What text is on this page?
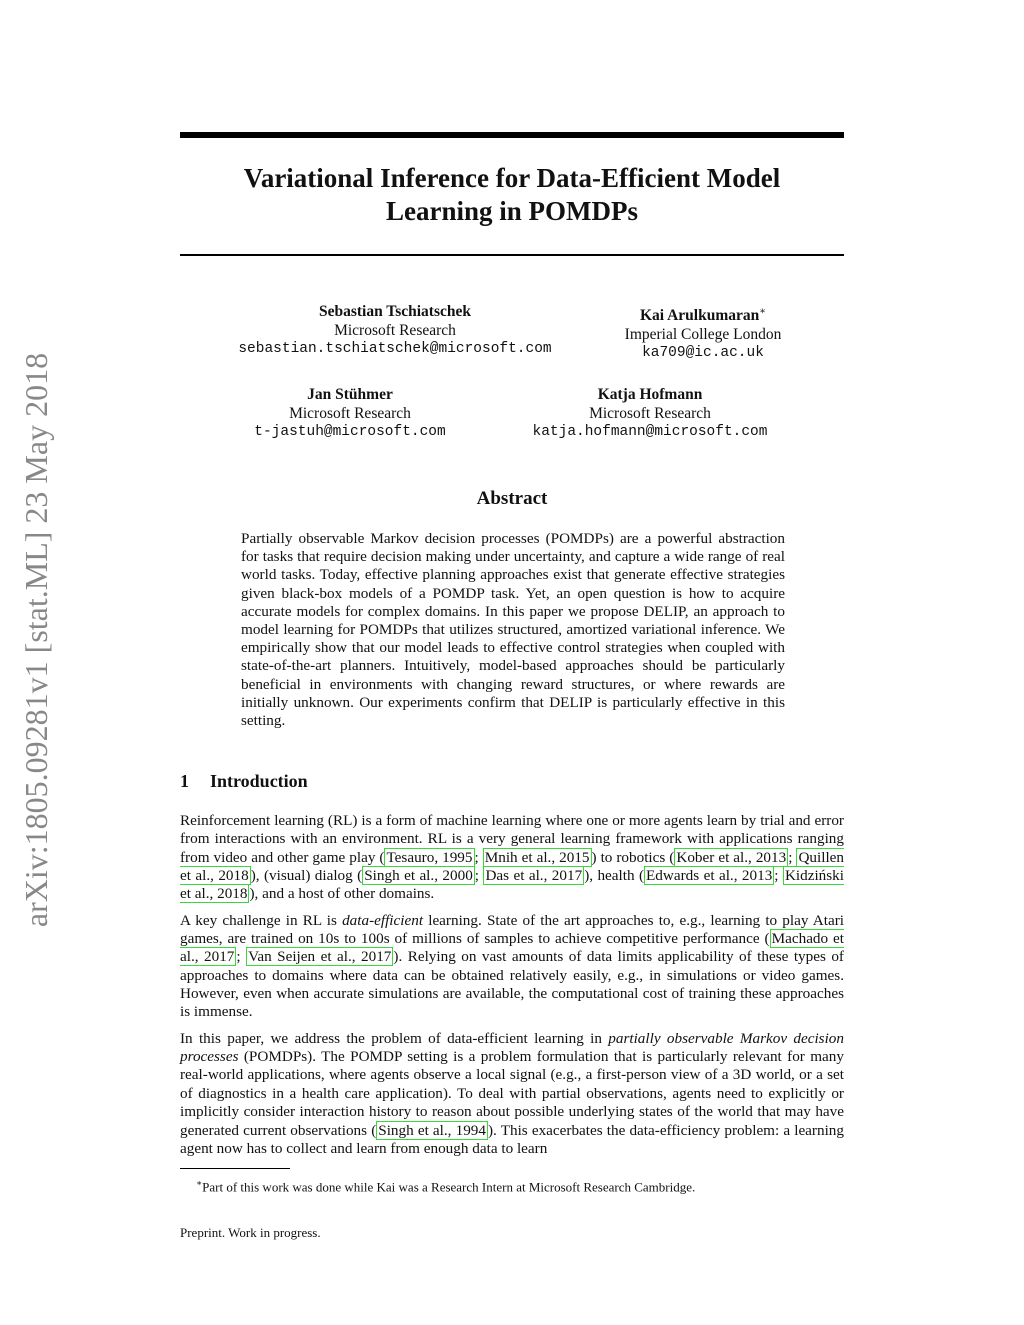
arXiv:1805.09281v1 [stat.ML] 23 May 2018
Variational Inference for Data-Efficient Model
Learning in POMDPs
Sebastian Tschiatschek
Microsoft Research
sebastian.tschiatschek@microsoft.com
Kai Arulkumaran∗
Imperial College London
ka709@ic.ac.uk
Jan Stühmer
Microsoft Research
t-jastuh@microsoft.com
Katja Hofmann
Microsoft Research
katja.hofmann@microsoft.com
Abstract

Partially observable Markov decision processes (POMDPs) are a powerful abstraction for tasks that require decision making under uncertainty, and capture a wide range of real world tasks. Today, effective planning approaches exist that generate effective strategies given black-box models of a POMDP task. Yet, an open question is how to acquire accurate models for complex domains. In this paper we propose DELIP, an approach to model learning for POMDPs that utilizes structured, amortized variational inference. We empirically show that our model leads to effective control strategies when coupled with state-of-the-art planners. Intuitively, model-based approaches should be particularly beneficial in environments with changing reward structures, or where rewards are initially unknown. Our experiments confirm that DELIP is particularly effective in this setting.

1 Introduction

Reinforcement learning (RL) is a form of machine learning where one or more agents learn by trial and error from interactions with an environment. RL is a very general learning framework with applications ranging from video and other game play ( Tesauro, 1995 ; Mnih et al., 2015 ) to robotics ( Kober et al., 2013 ; Quillen et al., 2018 ), (visual) dialog ( Singh et al., 2000 ; Das et al., 2017 ), health ( Edwards et al., 2013 ; Kidziński et al., 2018 ), and a host of other domains.

A key challenge in RL is data-efficient learning. State of the art approaches to, e.g., learning to play Atari games, are trained on 10s to 100s of millions of samples to achieve competitive performance ( Machado et al., 2017 ; Van Seijen et al., 2017 ). Relying on vast amounts of data limits applicability of these types of approaches to domains where data can be obtained relatively easily, e.g., in simulations or video games. However, even when accurate simulations are available, the computational cost of training these approaches is immense.

In this paper, we address the problem of data-efficient learning in partially observable Markov decision processes (POMDPs). The POMDP setting is a problem formulation that is particularly relevant for many real-world applications, where agents observe a local signal (e.g., a first-person view of a 3D world, or a set of diagnostics in a health care application). To deal with partial observations, agents need to explicitly or implicitly consider interaction history to reason about possible underlying states of the world that may have generated current observations ( Singh et al., 1994 ). This exacerbates the data-efficiency problem: a learning agent now has to collect and learn from enough data to learn

∗Part of this work was done while Kai was a Research Intern at Microsoft Research Cambridge.
Preprint. Work in progress.
